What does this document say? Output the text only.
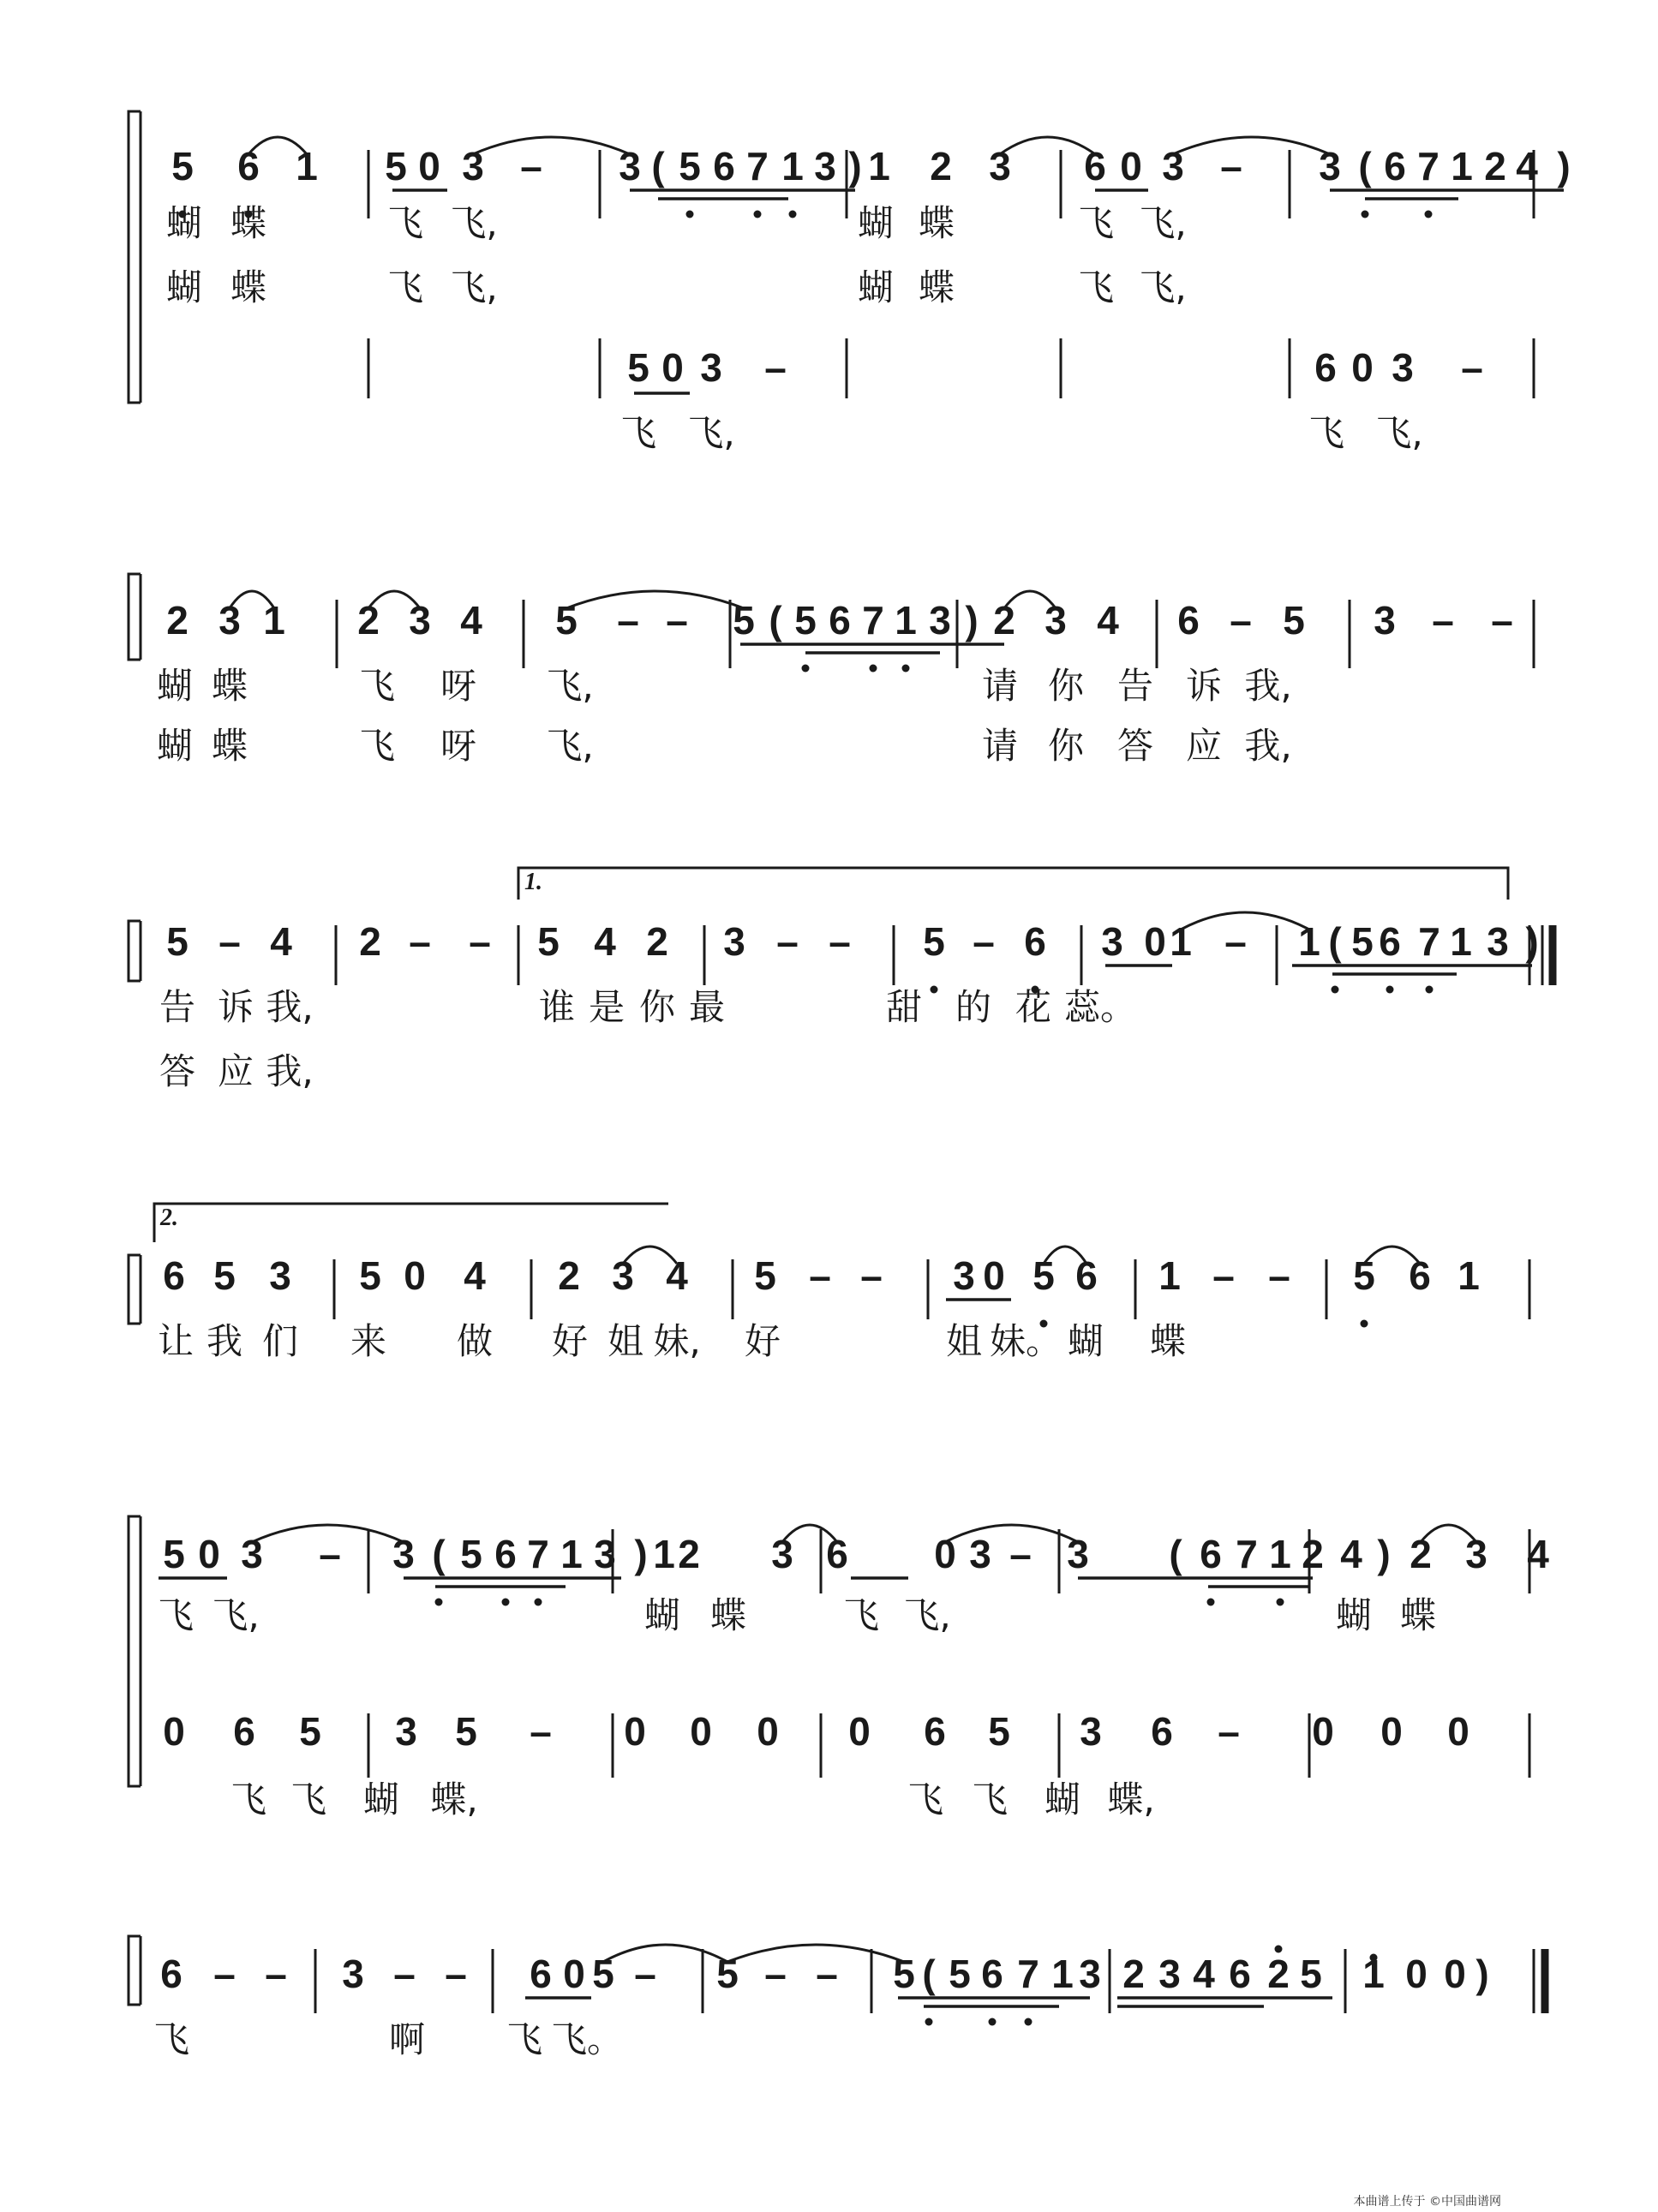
5 6 1 5 0 3 – 3 ( 5 6 7 1 3 ) 1 2 3 6 0 3 – 3 ( 6 7 1 2 4 )
蝴 蝶	飞 飞,	蝴 蝶	飞 飞,
蝴 蝶	飞 飞,	蝴 蝶	飞 飞,
5 0 3 –	6 0 3 –
飞 飞,	飞 飞,
2 3 1 2 3 4 5 – – 5 ( 5 6 7 1 3 ) 2 3 4 6 – 5 3 – –
蝴 蝶	飞 呀 飞,	请 你 告 诉 我,
蝴 蝶	飞 呀 飞,	请 你 答 应 我,
5 – 4 2 – – 5 4 2 3 – – 5 – 6 3 0 1 – 1 ( 5 6 7 1 3 )
告 诉 我,	谁 是 你 最	甜 的 花 蕊。
答 应 我,
6 5 3 5 0 4 2 3 4 5 – – 3 0 5 6 1 – – 5 6 1
让 我 们 来 做 好 姐 妹, 好	姐 妹。 蝴 蝶
5 0 3 – 3 ( 5 6 7 1 3 ) 1 2 3 6 0 3 – 3 ( 6 7 1 2 4 ) 2 3 4
飞 飞,	蝴 蝶	飞 飞,	蝴 蝶
0 6 5 3 5 – 0 0 0 0 6 5 3 6 – 0 0 0
飞 飞 蝴 蝶,	飞 飞 蝴 蝶,
6 – – 3 – – 6 0 5 – 5 – – 5 ( 5 6 7 1 3 2 3 4 6 2 5 1 0 0 )
飞	啊 飞 飞。
1.
2.
本曲谱上传于 ©中国曲谱网
